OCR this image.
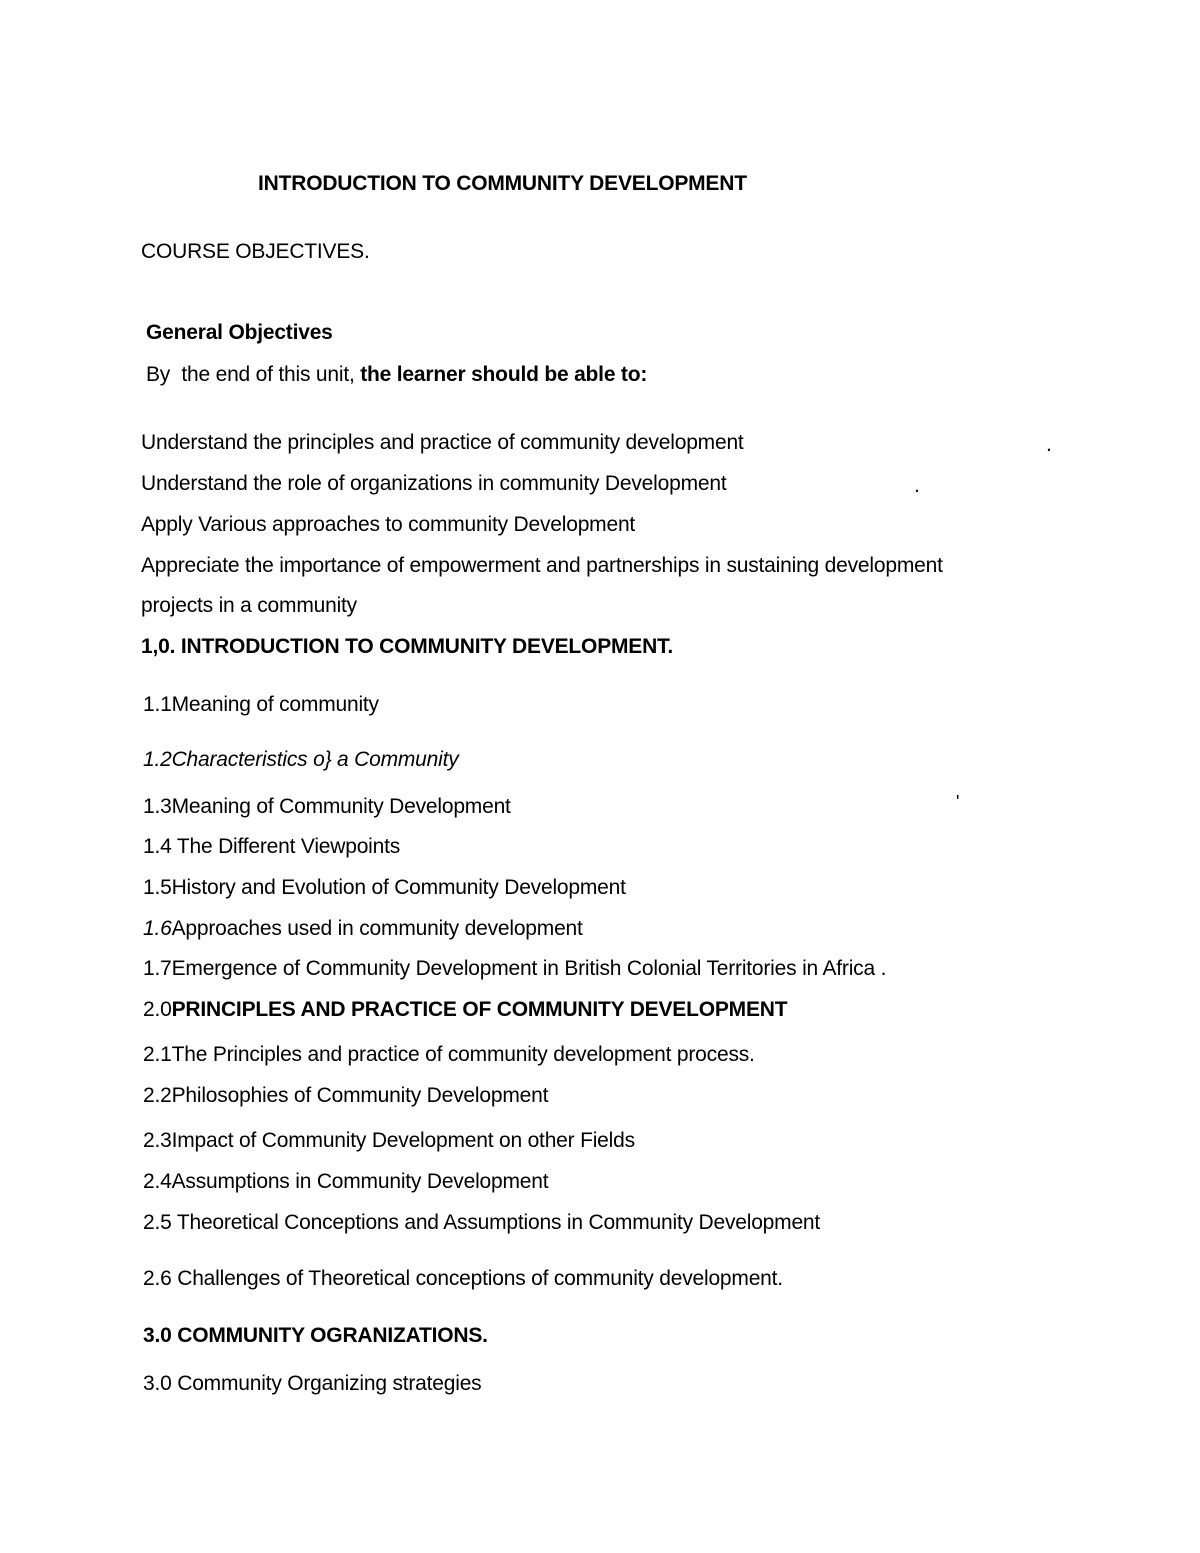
INTRODUCTION TO COMMUNITY DEVELOPMENT
COURSE OBJECTIVES.
General Objectives
By  the end of this unit, the learner should be able to:
Understand the principles and practice of community development	.
Understand the role of organizations in community Development	.
Apply Various approaches to community Development
Appreciate the importance of empowerment and partnerships in sustaining development
projects in a community
1,0. INTRODUCTION TO COMMUNITY DEVELOPMENT.
1.1Meaning of community
1.2Characteristics o} a Community
1.3Meaning of Community Development	'
1.4 The Different Viewpoints
1.5History and Evolution of Community Development
1.6Approaches used in community development
1.7Emergence of Community Development in British Colonial Territories in Africa .
2.0PRINCIPLES AND PRACTICE OF COMMUNITY DEVELOPMENT
2.1The Principles and practice of community development process.
2.2Philosophies of Community Development
2.3Impact of Community Development on other Fields
2.4Assumptions in Community Development
2.5 Theoretical Conceptions and Assumptions in Community Development
2.6 Challenges of Theoretical conceptions of community development.
3.0 COMMUNITY OGRANIZATIONS.
3.0 Community Organizing strategies
